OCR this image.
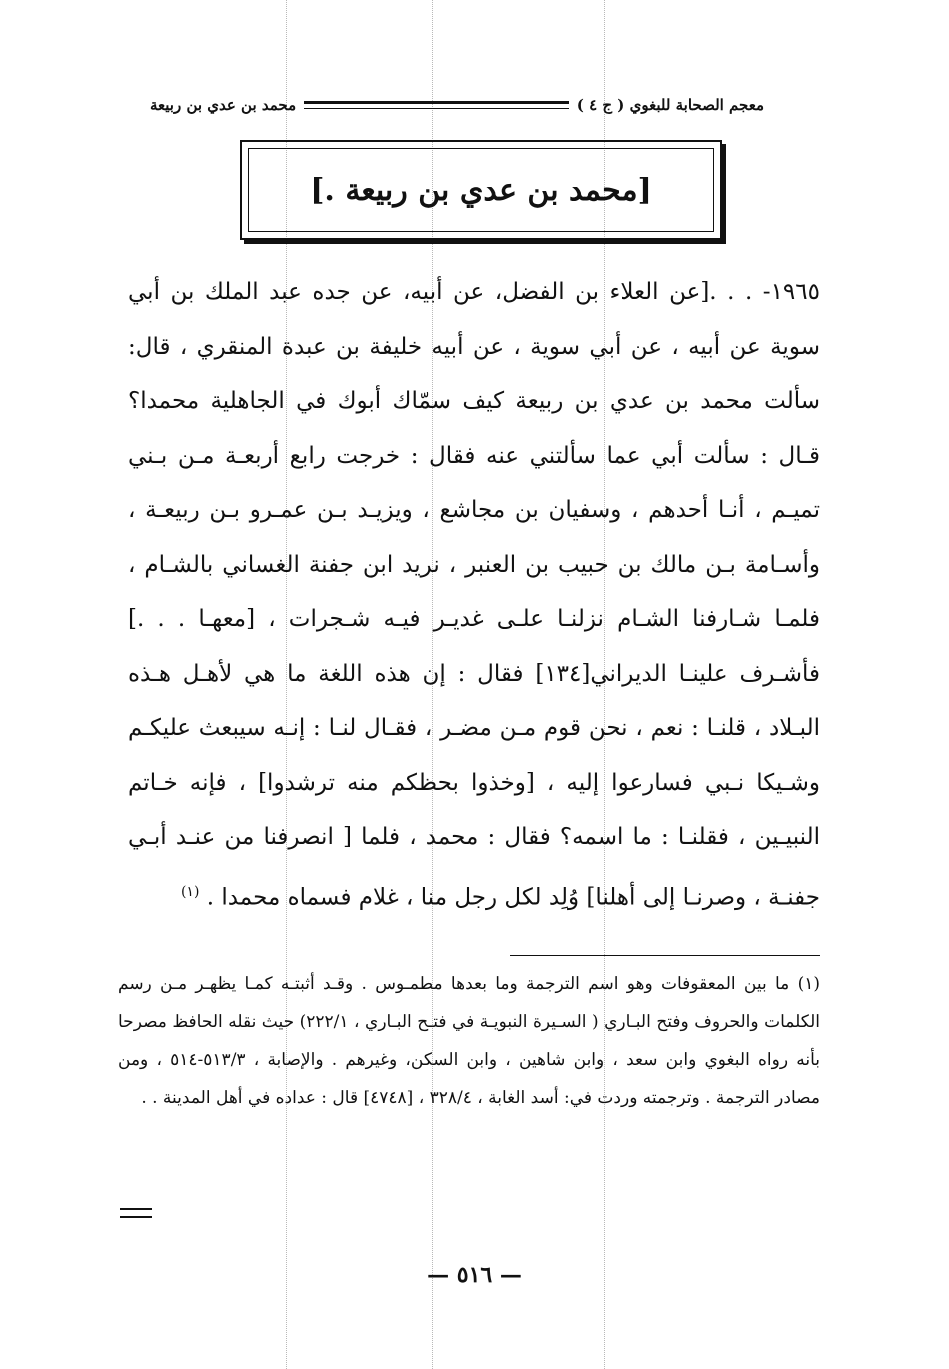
معجم الصحابة للبغوي ( ج ٤ )
محمد بن عدي بن ربيعة
[محمد بن عدي بن ربيعة .]

١٩٦٥- . . .[عن العلاء بن الفضل، عن أبيه، عن جده عبد الملك بن أبي سوية عن أبيه ، عن أبي سوية ، عن أبيه خليفة بن عبدة المنقري ، قال: سألت محمد بن عدي بن ربيعة كيف سمّاك أبوك في الجاهلية محمدا؟ قـال : سألت أبي عما سألتني عنه فقال : خرجت رابع أربعـة مـن بـني تميـم ، أنـا أحدهم ، وسفيان بن مجاشع ، ويزيـد بـن عمـرو بـن ربيعـة ، وأسـامة بـن مالك بن حبيب بن العنبر ، نريد ابن جفنة الغساني بالشـام ، فلمـا شـارفنا الشـام نزلنـا علـى غديـر فيـه شـجرات ، [معهـا . . .] فأشـرف علينـا الديراني[١٣٤] فقال : إن هذه اللغة ما هي لأهـل هـذه البـلاد ، قلنـا : نعم ، نحن قوم مـن مضـر ، فقـال لنـا : إنـه سيبعث عليكـم وشـيكا نـبي فسارعوا إليه ، [وخذوا بحظكم منه ترشدوا] ، فإنه خـاتم النبيـين ، فقلنـا : ما اسمه؟ فقال : محمد ، فلما [ انصرفنا من عنـد أبـي جفنـة ، وصرنـا إلى أهلنا] وُلِد لكل رجل منا ، غلام فسماه محمدا . $^{(١)}$

(١) ما بين المعقوفات وهو اسم الترجمة وما بعدها مطمـوس . وقـد أثبتـه كمـا يظهـر مـن رسم الكلمات والحروف وفتح البـاري ( السـيرة النبويـة في فتـح البـاري ، ٢٢٢/١) حيث نقله الحافظ مصرحا بأنه رواه البغوي وابن سعد ، وابن شاهين ، وابن السكن، وغيرهم . والإصابة ، ٥١٣/٣-٥١٤ ، ومن مصادر الترجمة . وترجمته وردت في: أسد الغابة ، ٣٢٨/٤ ، [٤٧٤٨] قال : عداده في أهل المدينة . .

— ٥١٦ —
